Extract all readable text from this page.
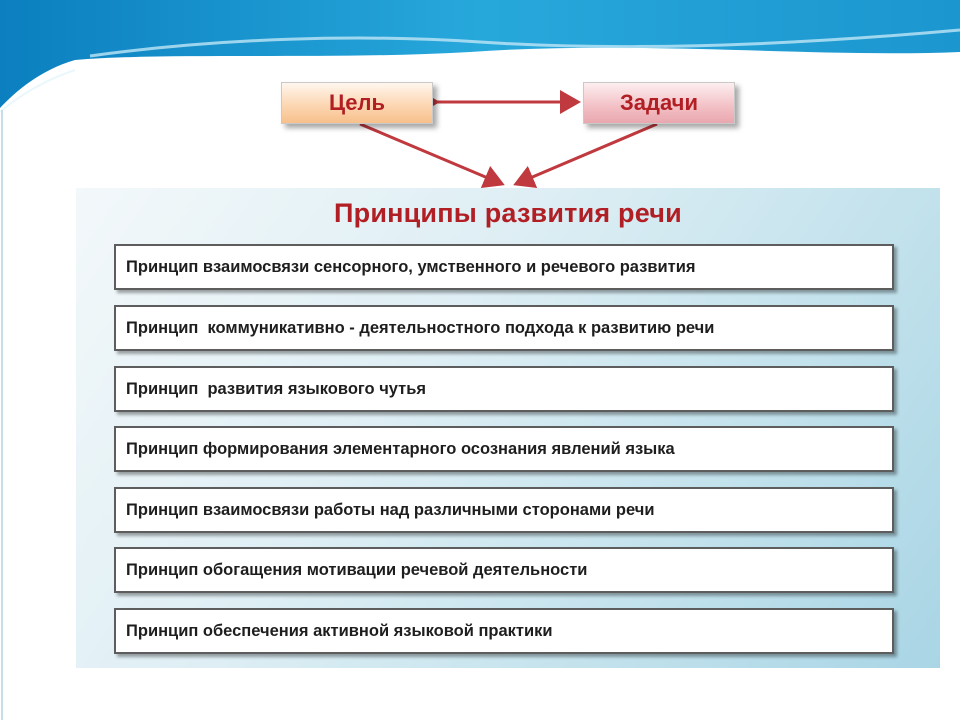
Цель	Задачи
Принципы развития речи
Принцип взаимосвязи сенсорного, умственного и речевого развития
Принцип  коммуникативно - деятельностного подхода к развитию речи
Принцип  развития языкового чутья
Принцип формирования элементарного осознания явлений языка
Принцип взаимосвязи работы над различными сторонами речи
Принцип обогащения мотивации речевой деятельности
Принцип обеспечения активной языковой практики
